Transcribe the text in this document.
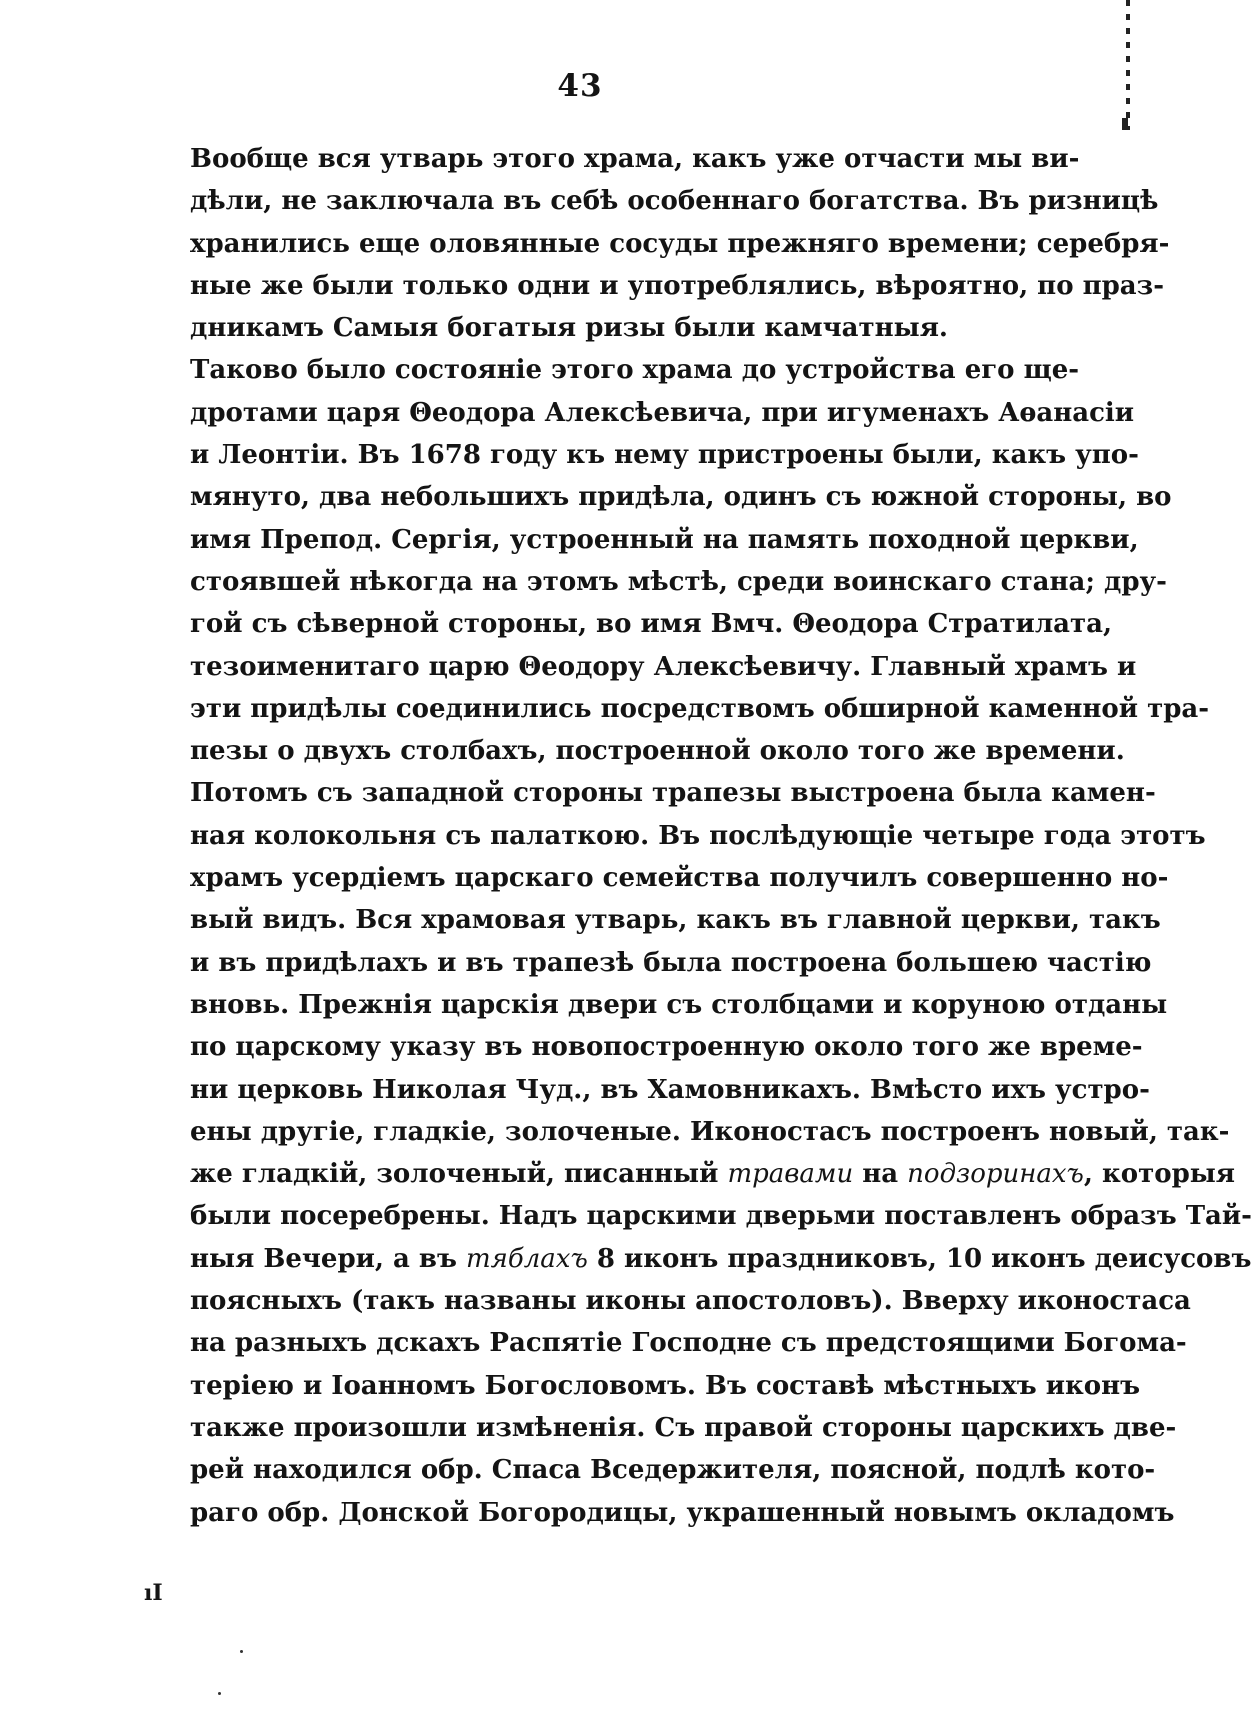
43
Вообще вся утварь этого храма, какъ уже отчасти мы ви-
дѣли, не заключала въ себѣ особеннаго богатства. Въ ризницѣ
хранились еще оловянные сосуды прежняго времени; серебря-
ные же были только одни и употреблялись, вѣроятно, по праз-
дникамъ Самыя богатыя ризы были камчатныя.
Таково было состояніе этого храма до устройства его ще-
дротами царя Θеодора Алексѣевича, при игуменахъ Аѳанасіи
и Леонтіи. Въ 1678 году къ нему пристроены были, какъ упо-
мянуто, два небольшихъ придѣла, одинъ съ южной стороны, во
имя Препод. Сергія, устроенный на память походной церкви,
стоявшей нѣкогда на этомъ мѣстѣ, среди воинскаго стана; дру-
гой съ сѣверной стороны, во имя Вмч. Θеодора Стратилата,
тезоименитаго царю Θеодору Алексѣевичу. Главный храмъ и
эти придѣлы соединились посредствомъ обширной каменной тра-
пезы о двухъ столбахъ, построенной около того же времени.
Потомъ съ западной стороны трапезы выстроена была камен-
ная колокольня съ палаткою. Въ послѣдующіе четыре года этотъ
храмъ усердіемъ царскаго семейства получилъ совершенно но-
вый видъ. Вся храмовая утварь, какъ въ главной церкви, такъ
и въ придѣлахъ и въ трапезѣ была построена большею частію
вновь. Прежнія царскія двери съ столбцами и коруною отданы
по царскому указу въ новопостроенную около того же време-
ни церковь Николая Чуд., въ Хамовникахъ. Вмѣсто ихъ устро-
ены другіе, гладкіе, золоченые. Иконостасъ построенъ новый, так-
же гладкій, золоченый, писанный травами на подзоринахъ, которыя
были посеребрены. Надъ царскими дверьми поставленъ образъ Тай-
ныя Вечери, а въ тяблахъ 8 иконъ праздниковъ, 10 иконъ деисусовъ
поясныхъ (такъ названы иконы апостоловъ). Вверху иконостаса
на разныхъ дскахъ Распятіе Господне съ предстоящими Богома-
теріею и Іоанномъ Богословомъ. Въ составѣ мѣстныхъ иконъ
также произошли измѣненія. Съ правой стороны царскихъ две-
рей находился обр. Спаса Вседержителя, поясной, подлѣ кото-
раго обр. Донской Богородицы, украшенный новымъ окладомъ
ıΙ
